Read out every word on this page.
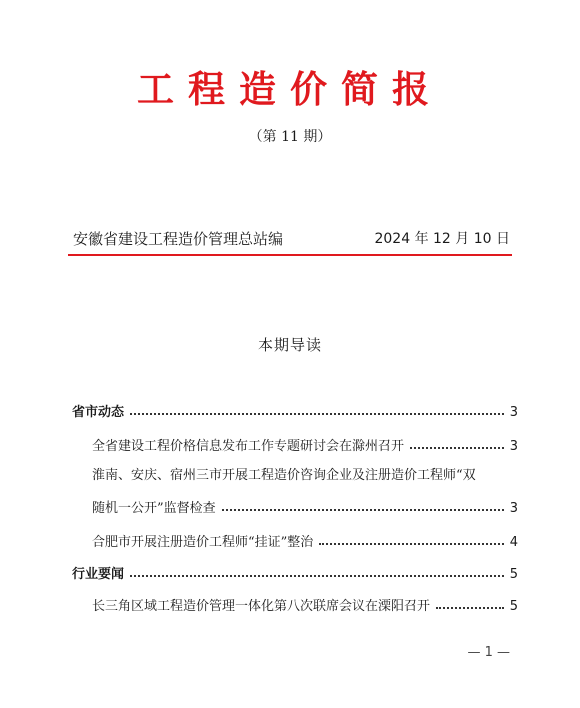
工程造价简报
（第 11 期）
安徽省建设工程造价管理总站编	2024 年 12 月 10 日
本期导读
省市动态	3
全省建设工程价格信息发布工作专题研讨会在滁州召开	3
淮南、安庆、宿州三市开展工程造价咨询企业及注册造价工程师“双
随机一公开”监督检查	3
合肥市开展注册造价工程师“挂证”整治	4
行业要闻	5
长三角区域工程造价管理一体化第八次联席会议在溧阳召开	5
— 1 —
